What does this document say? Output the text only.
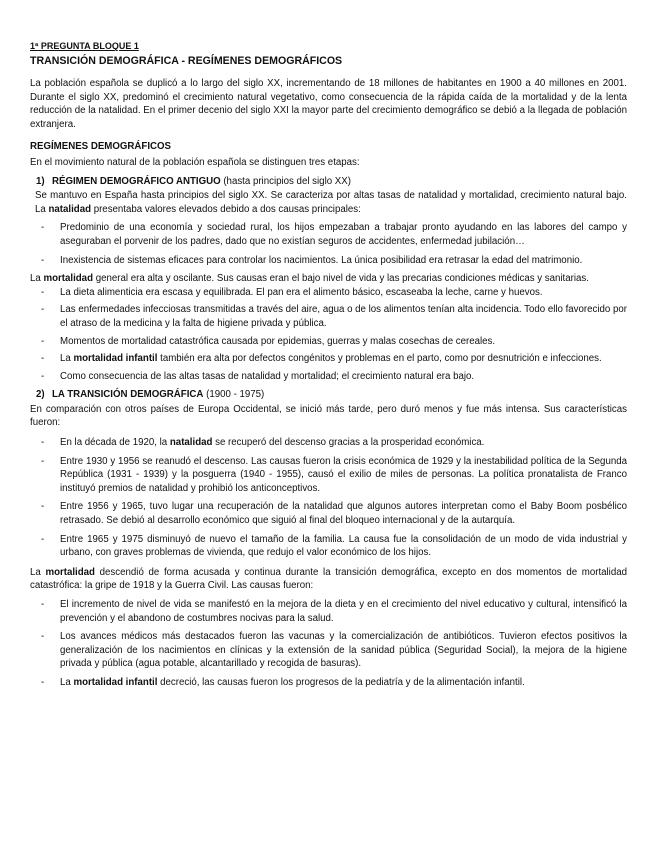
1ª PREGUNTA BLOQUE 1

TRANSICIÓN DEMOGRÁFICA - REGÍMENES DEMOGRÁFICOS

La población española se duplicó a lo largo del siglo XX, incrementando de 18 millones de habitantes en 1900 a 40 millones en 2001. Durante el siglo XX, predominó el crecimiento natural vegetativo, como consecuencia de la rápida caída de la mortalidad y de la lenta reducción de la natalidad. En el primer decenio del siglo XXI la mayor parte del crecimiento demográfico se debió a la llegada de población extranjera.

REGÍMENES DEMOGRÁFICOS

En el movimiento natural de la población española se distinguen tres etapas:

1) RÉGIMEN DEMOGRÁFICO ANTIGUO (hasta principios del siglo XX)

Se mantuvo en España hasta principios del siglo XX. Se caracteriza por altas tasas de natalidad y mortalidad, crecimiento natural bajo. La natalidad presentaba valores elevados debido a dos causas principales:

- Predominio de una economía y sociedad rural, los hijos empezaban a trabajar pronto ayudando en las labores del campo y aseguraban el porvenir de los padres, dado que no existían seguros de accidentes, enfermedad jubilación…
- Inexistencia de sistemas eficaces para controlar los nacimientos. La única posibilidad era retrasar la edad del matrimonio.

La mortalidad general era alta y oscilante. Sus causas eran el bajo nivel de vida y las precarias condiciones médicas y sanitarias.

- La dieta alimenticia era escasa y equilibrada. El pan era el alimento básico, escaseaba la leche, carne y huevos.
- Las enfermedades infecciosas transmitidas a través del aire, agua o de los alimentos tenían alta incidencia. Todo ello favorecido por el atraso de la medicina y la falta de higiene privada y pública.
- Momentos de mortalidad catastrófica causada por epidemias, guerras y malas cosechas de cereales.
- La mortalidad infantil también era alta por defectos congénitos y problemas en el parto, como por desnutrición e infecciones.
- Como consecuencia de las altas tasas de natalidad y mortalidad; el crecimiento natural era bajo.
2) LA TRANSICIÓN DEMOGRÁFICA (1900 - 1975)

En comparación con otros países de Europa Occidental, se inició más tarde, pero duró menos y fue más intensa. Sus características fueron:

- En la década de 1920, la natalidad se recuperó del descenso gracias a la prosperidad económica.
- Entre 1930 y 1956 se reanudó el descenso. Las causas fueron la crisis económica de 1929 y la inestabilidad política de la Segunda República (1931 - 1939) y la posguerra (1940 - 1955), causó el exilio de miles de personas. La política pronatalista de Franco instituyó premios de natalidad y prohibió los anticonceptivos.
- Entre 1956 y 1965, tuvo lugar una recuperación de la natalidad que algunos autores interpretan como el Baby Boom posbélico retrasado. Se debió al desarrollo económico que siguió al final del bloqueo internacional y de la autarquía.
- Entre 1965 y 1975 disminuyó de nuevo el tamaño de la familia. La causa fue la consolidación de un modo de vida industrial y urbano, con graves problemas de vivienda, que redujo el valor económico de los hijos.

La mortalidad descendió de forma acusada y continua durante la transición demográfica, excepto en dos momentos de mortalidad catastrófica: la gripe de 1918 y la Guerra Civil. Las causas fueron:

- El incremento de nivel de vida se manifestó en la mejora de la dieta y en el crecimiento del nivel educativo y cultural, intensificó la prevención y el abandono de costumbres nocivas para la salud.
- Los avances médicos más destacados fueron las vacunas y la comercialización de antibióticos. Tuvieron efectos positivos la generalización de los nacimientos en clínicas y la extensión de la sanidad pública (Seguridad Social), la mejora de la higiene privada y pública (agua potable, alcantarillado y recogida de basuras).
- La mortalidad infantil decreció, las causas fueron los progresos de la pediatría y de la alimentación infantil.
